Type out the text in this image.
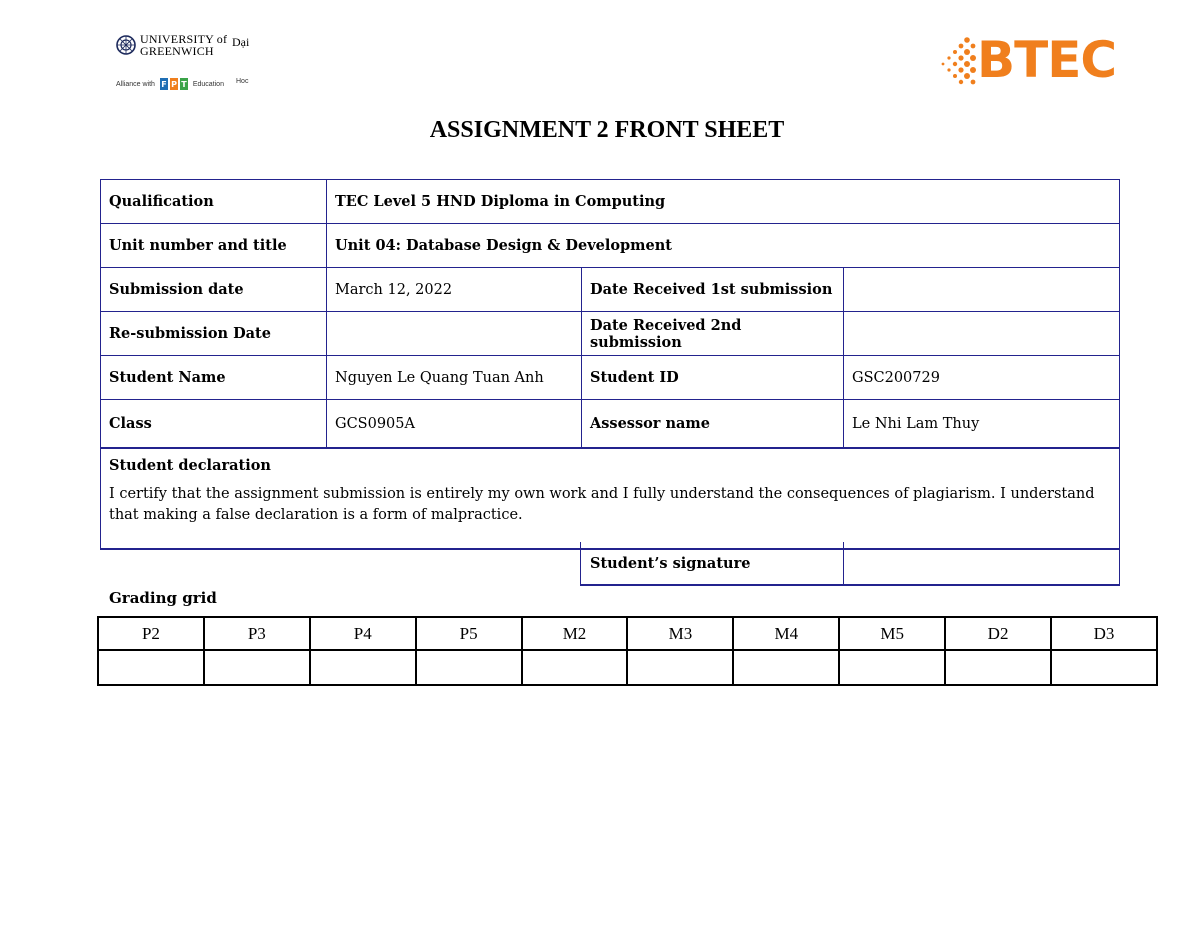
UNIVERSITY of
GREENWICH
Dại
Alliance with F P T Education Hoc	BTEC
ASSIGNMENT 2 FRONT SHEET
Qualification	TEC Level 5 HND Diploma in Computing		
Unit number and title	Unit 04: Database Design & Development		
Submission date	March 12, 2022	Date Received 1st submission	
Re-submission Date		Date Received 2nd submission	
Student Name	Nguyen Le Quang Tuan Anh	Student ID	GSC200729
Class	GCS0905A	Assessor name	Le Nhi Lam Thuy

Student declaration
I certify that the assignment submission is entirely my own work and I fully understand the consequences of plagiarism. I understand that making a false declaration is a form of malpractice.			
Student’s signature	
Grading grid
P2	P3	P4	P5	M2	M3	M4	M5	D2	D3
